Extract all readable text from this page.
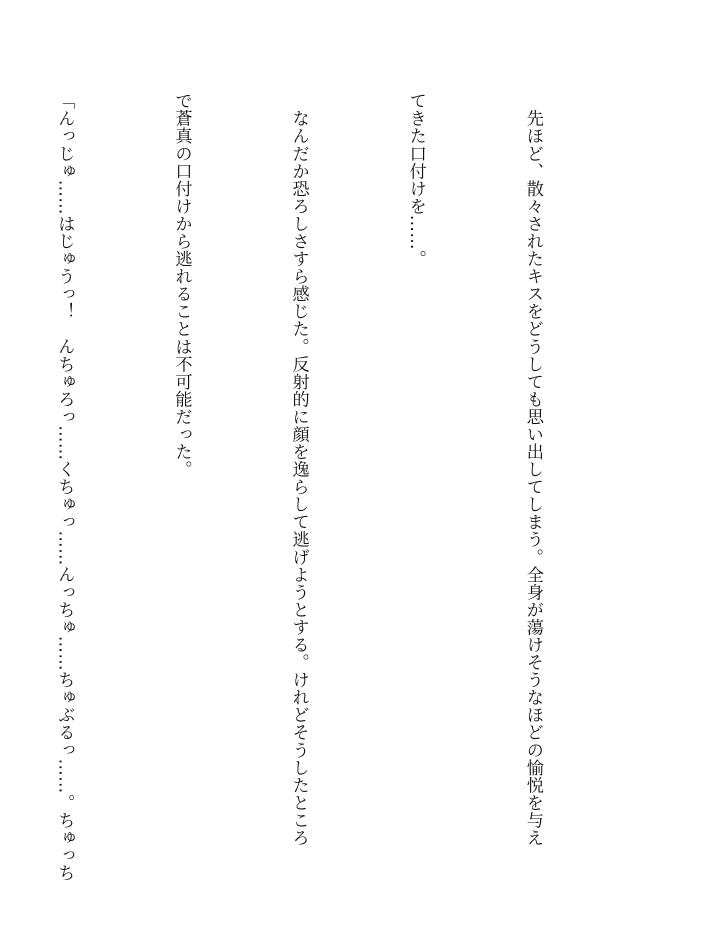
　先ほど、散々されたキスをどうしても思い出してしまう。全身が蕩けそうなほどの愉悦を与え

てきた口付けを……。

　なんだか恐ろしさすら感じた。反射的に顔を逸らして逃げようとする。けれどそうしたところ

で蒼真の口付けから逃れることは不可能だった。

「んっじゅ……はじゅうっ！　んちゅろっ……くちゅっ……んっちゅ……ちゅぶるっ……。ちゅっち
